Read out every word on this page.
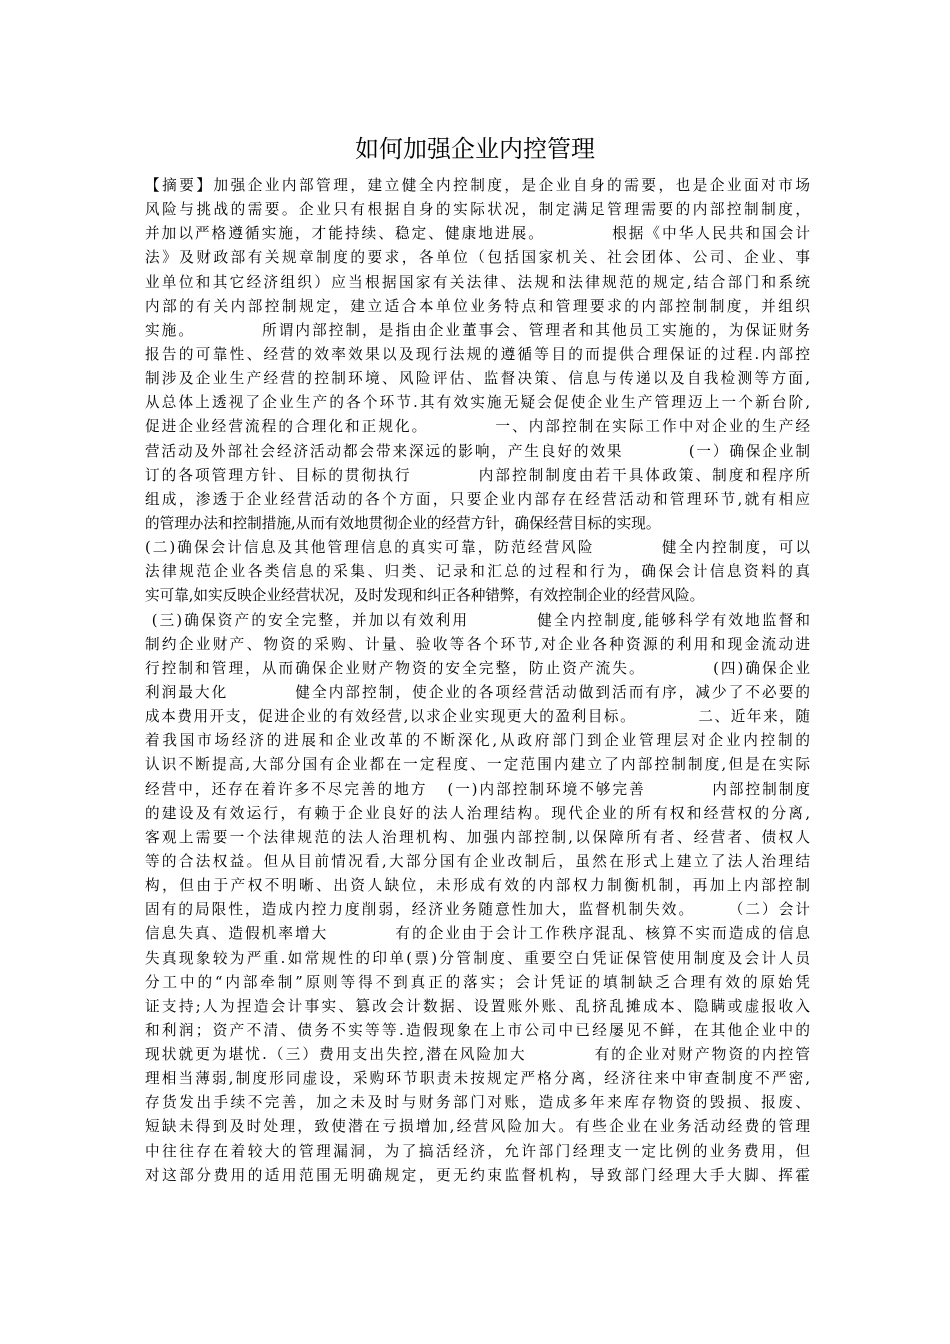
如何加强企业内控管理
【摘要】加强企业内部管理，建立健全内控制度，是企业自身的需要，也是企业面对市场
风险与挑战的需要。企业只有根据自身的实际状况，制定满足管理需要的内部控制制度，
并加以严格遵循实施，才能持续、稳定、健康地进展。          根据《中华人民共和国会计
法》及财政部有关规章制度的要求，各单位（包括国家机关、社会团体、公司、企业、事
业单位和其它经济组织）应当根据国家有关法律、法规和法律规范的规定,结合部门和系统
内部的有关内部控制规定，建立适合本单位业务特点和管理要求的内部控制制度，并组织
实施。          所谓内部控制，是指由企业董事会、管理者和其他员工实施的，为保证财务
报告的可靠性、经营的效率效果以及现行法规的遵循等目的而提供合理保证的过程.内部控
制涉及企业生产经营的控制环境、风险评估、监督决策、信息与传递以及自我检测等方面,
从总体上透视了企业生产的各个环节.其有效实施无疑会促使企业生产管理迈上一个新台阶,
促进企业经营流程的合理化和正规化。          一、内部控制在实际工作中对企业的生产经
营活动及外部社会经济活动都会带来深远的影响，产生良好的效果          (一）确保企业制
订的各项管理方针、目标的贯彻执行          内部控制制度由若干具体政策、制度和程序所
组成，渗透于企业经营活动的各个方面，只要企业内部存在经营活动和管理环节,就有相应
的管理办法和控制措施,从而有效地贯彻企业的经营方针，确保经营目标的实现。
(二)确保会计信息及其他管理信息的真实可靠，防范经营风险          健全内控制度，可以
法律规范企业各类信息的采集、归类、记录和汇总的过程和行为，确保会计信息资料的真
实可靠,如实反映企业经营状况，及时发现和纠正各种错弊，有效控制企业的经营风险。
(三)确保资产的安全完整，并加以有效利用          健全内控制度,能够科学有效地监督和
制约企业财产、物资的采购、计量、验收等各个环节,对企业各种资源的利用和现金流动进
行控制和管理，从而确保企业财产物资的安全完整，防止资产流失。          (四)确保企业
利润最大化          健全内部控制，使企业的各项经营活动做到活而有序，减少了不必要的
成本费用开支，促进企业的有效经营,以求企业实现更大的盈利目标。          二、近年来，随
着我国市场经济的进展和企业改革的不断深化,从政府部门到企业管理层对企业内控制的
认识不断提高,大部分国有企业都在一定程度、一定范围内建立了内部控制制度,但是在实际
经营中，还存在着许多不尽完善的地方   (一)内部控制环境不够完善          内部控制制度
的建设及有效运行，有赖于企业良好的法人治理结构。现代企业的所有权和经营权的分离,
客观上需要一个法律规范的法人治理机构、加强内部控制,以保障所有者、经营者、债权人
等的合法权益。但从目前情况看,大部分国有企业改制后，虽然在形式上建立了法人治理结
构，但由于产权不明晰、出资人缺位，未形成有效的内部权力制衡机制，再加上内部控制
固有的局限性，造成内控力度削弱，经济业务随意性加大，监督机制失效。     （二）会计
信息失真、造假机率增大          有的企业由于会计工作秩序混乱、核算不实而造成的信息
失真现象较为严重.如常规性的印单(票)分管制度、重要空白凭证保管使用制度及会计人员
分工中的“内部牵制”原则等得不到真正的落实；会计凭证的填制缺乏合理有效的原始凭
证支持;人为捏造会计事实、篡改会计数据、设置账外账、乱挤乱摊成本、隐瞒或虚报收入
和利润；资产不清、债务不实等等.造假现象在上市公司中已经屡见不鲜，在其他企业中的
现状就更为堪忧.（三）费用支出失控,潜在风险加大          有的企业对财产物资的内控管
理相当薄弱,制度形同虚设，采购环节职责未按规定严格分离，经济往来中审查制度不严密,
存货发出手续不完善，加之未及时与财务部门对账，造成多年来库存物资的毁损、报废、
短缺未得到及时处理，致使潜在亏损增加,经营风险加大。有些企业在业务活动经费的管理
中往往存在着较大的管理漏洞，为了搞活经济，允许部门经理支一定比例的业务费用，但
对这部分费用的适用范围无明确规定，更无约束监督机构，导致部门经理大手大脚、挥霍
